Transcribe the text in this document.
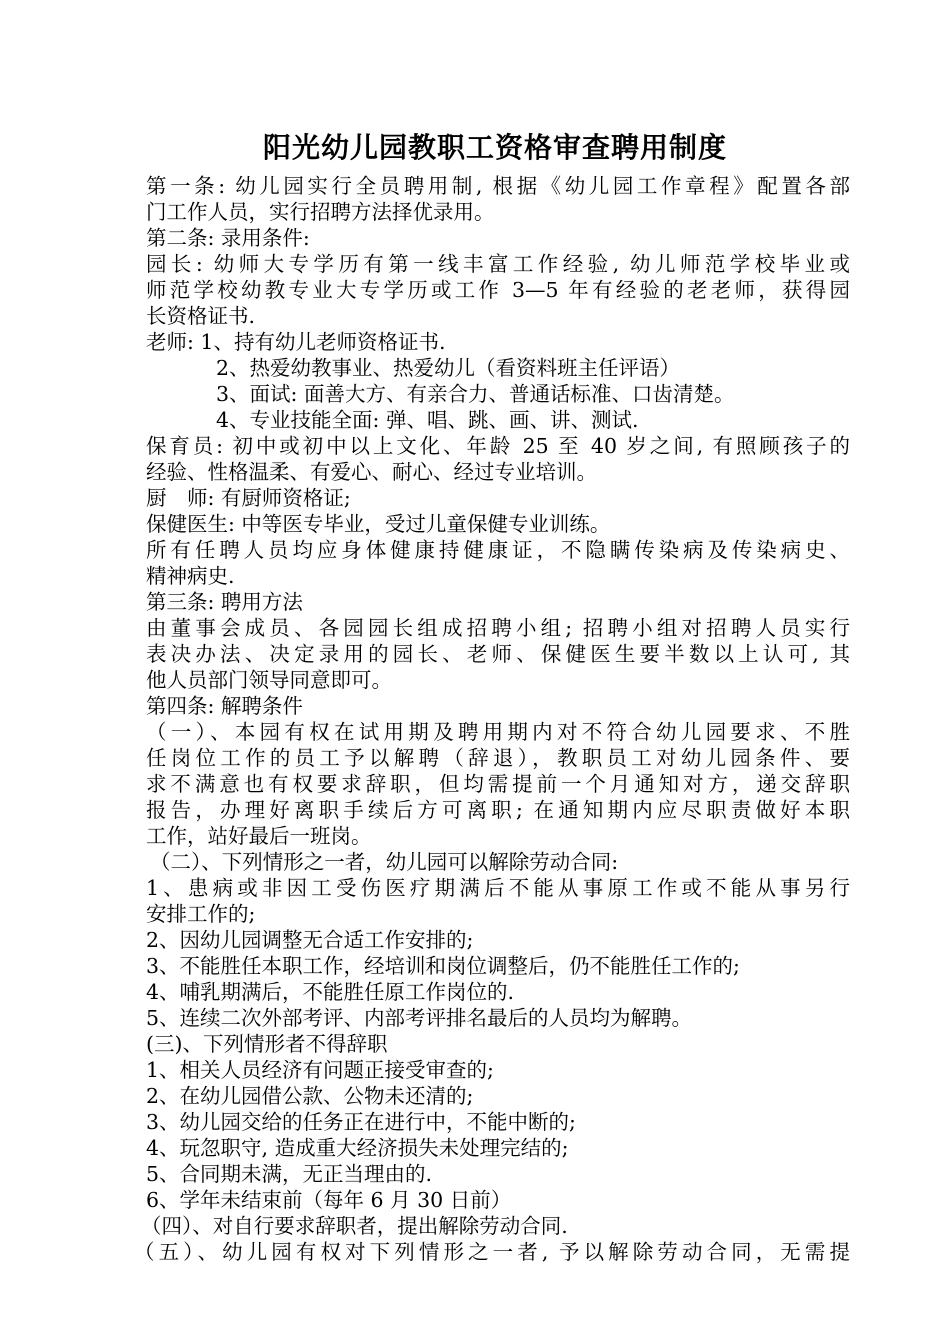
阳光幼儿园教职工资格审查聘用制度
第一条: 幼儿园实行全员聘用制, 根据《幼儿园工作章程》配置各部
门工作人员，实行招聘方法择优录用。
第二条: 录用条件:
园长: 幼师大专学历有第一线丰富工作经验, 幼儿师范学校毕业或
师范学校幼教专业大专学历或工作 3—5 年有经验的老老师，获得园
长资格证书.
老师: 1、持有幼儿老师资格证书.
2、热爱幼教事业、热爱幼儿（看资料班主任评语）
3、面试: 面善大方、有亲合力、普通话标准、口齿清楚。
4、专业技能全面: 弹、唱、跳、画、讲、测试.
保育员: 初中或初中以上文化、年龄 25 至 40 岁之间, 有照顾孩子的
经验、性格温柔、有爱心、耐心、经过专业培训。
厨　师: 有厨师资格证;
保健医生: 中等医专毕业，受过儿童保健专业训练。
所有任聘人员均应身体健康持健康证，不隐瞒传染病及传染病史、
精神病史.
第三条: 聘用方法
由董事会成员、各园园长组成招聘小组; 招聘小组对招聘人员实行
表决办法、决定录用的园长、老师、保健医生要半数以上认可, 其
他人员部门领导同意即可。
第四条: 解聘条件
（一）、本园有权在试用期及聘用期内对不符合幼儿园要求、不胜
任岗位工作的员工予以解聘（辞退），教职员工对幼儿园条件、要
求不满意也有权要求辞职，但均需提前一个月通知对方，递交辞职
报告，办理好离职手续后方可离职; 在通知期内应尽职责做好本职
工作，站好最后一班岗。
（二）、下列情形之一者，幼儿园可以解除劳动合同:
1、患病或非因工受伤医疗期满后不能从事原工作或不能从事另行
安排工作的;
2、因幼儿园调整无合适工作安排的;
3、不能胜任本职工作，经培训和岗位调整后，仍不能胜任工作的;
4、哺乳期满后，不能胜任原工作岗位的.
5、连续二次外部考评、内部考评排名最后的人员均为解聘。
(三)、下列情形者不得辞职
1、相关人员经济有问题正接受审查的;
2、在幼儿园借公款、公物未还清的;
3、幼儿园交给的任务正在进行中，不能中断的;
4、玩忽职守, 造成重大经济损失未处理完结的;
5、合同期未满，无正当理由的.
6、学年未结束前（每年 6 月 30 日前）
（四）、对自行要求辞职者，提出解除劳动合同.
（五）、幼儿园有权对下列情形之一者, 予以解除劳动合同，无需提
